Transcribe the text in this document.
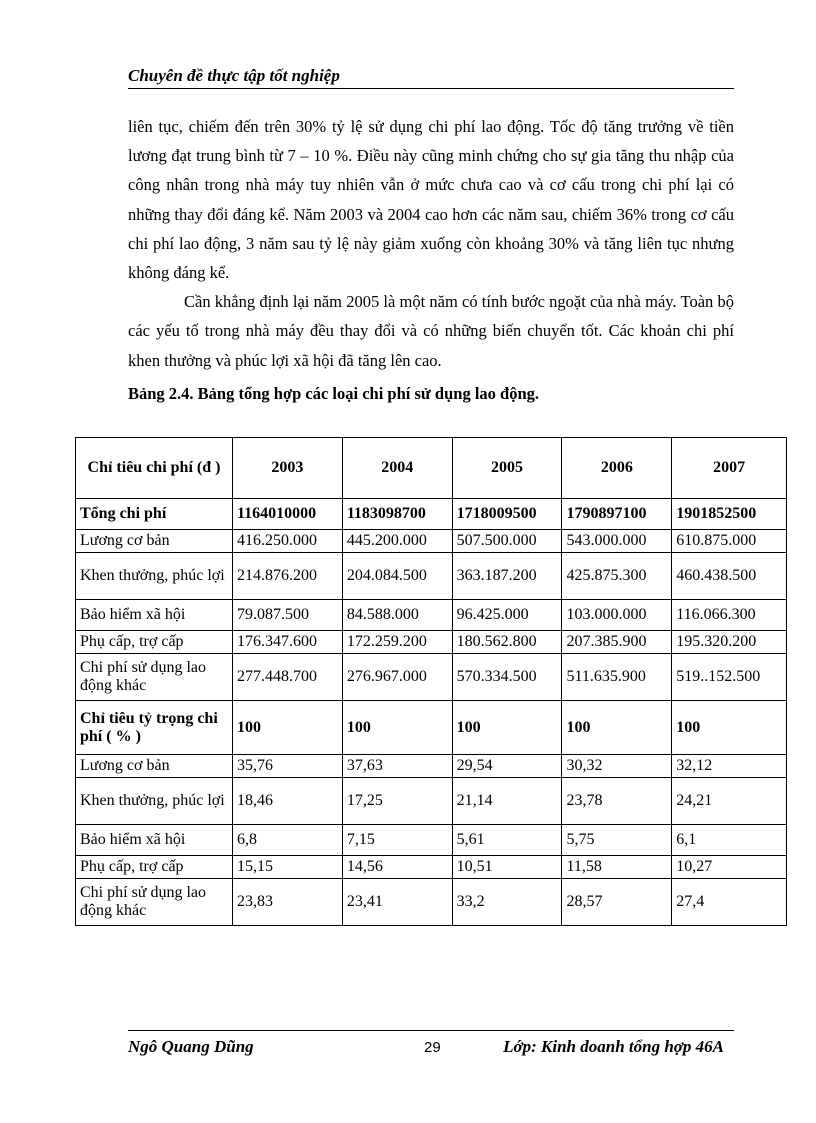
Chuyên đề thực tập tốt nghiệp

liên tục, chiếm đến trên 30% tỷ lệ sử dụng chi phí lao động. Tốc độ tăng trưởng về tiền lương đạt trung bình từ 7 – 10 %. Điều này cũng minh chứng cho sự gia tăng thu nhập của công nhân trong nhà máy tuy nhiên vẫn ở mức chưa cao và cơ cấu trong chi phí lại có những thay đổi đáng kể. Năm 2003 và 2004 cao hơn các năm sau, chiếm 36% trong cơ cấu chi phí lao động, 3 năm sau tỷ lệ này giảm xuống còn khoảng 30% và tăng liên tục nhưng không đáng kể.

Cần khẳng định lại năm 2005 là một năm có tính bước ngoặt của nhà máy. Toàn bộ các yếu tố trong nhà máy đều thay đổi và có những biến chuyển tốt. Các khoản chi phí khen thưởng và phúc lợi xã hội đã tăng lên cao.

Bảng 2.4. Bảng tổng hợp các loại chi phí sử dụng lao động.
Chỉ tiêu chi phí (đ )	2003	2004	2005	2006	2007
Tổng chi phí	1164010000	1183098700	1718009500	1790897100	1901852500
Lương cơ bản	416.250.000	445.200.000	507.500.000	543.000.000	610.875.000
Khen thưởng, phúc lợi	214.876.200	204.084.500	363.187.200	425.875.300	460.438.500
Bảo hiểm xã hội	79.087.500	84.588.000	96.425.000	103.000.000	116.066.300
Phụ cấp, trợ cấp	176.347.600	172.259.200	180.562.800	207.385.900	195.320.200
Chi phí sử dụng lao động khác	277.448.700	276.967.000	570.334.500	511.635.900	519..152.500
Chỉ tiêu tỷ trọng chi phí ( % )	100	100	100	100	100
Lương cơ bản	35,76	37,63	29,54	30,32	32,12
Khen thưởng, phúc lợi	18,46	17,25	21,14	23,78	24,21
Bảo hiểm xã hội	6,8	7,15	5,61	5,75	6,1
Phụ cấp, trợ cấp	15,15	14,56	10,51	11,58	10,27
Chi phí sử dụng lao động khác	23,83	23,41	33,2	28,57	27,4
Ngô Quang Dũng	29	Lớp: Kinh doanh tổng hợp 46A
